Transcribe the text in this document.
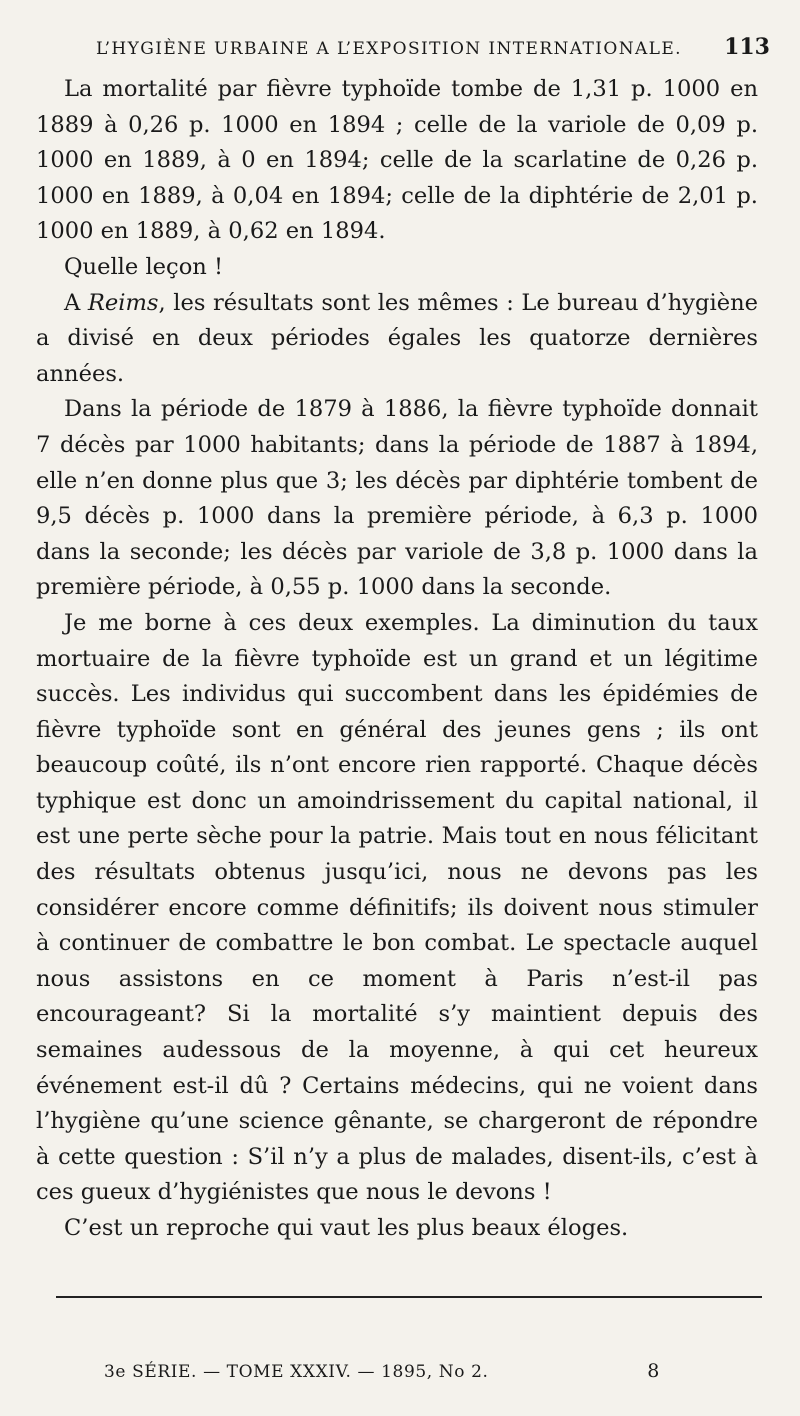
L’HYGIÈNE URBAINE A L’EXPOSITION INTERNATIONALE. 113

La mortalité par fièvre typhoïde tombe de 1,31 p. 1000 en 1889 à 0,26 p. 1000 en 1894 ; celle de la variole de 0,09 p. 1000 en 1889, à 0 en 1894; celle de la scarlatine de 0,26 p. 1000 en 1889, à 0,04 en 1894; celle de la diphtérie de 2,01 p. 1000 en 1889, à 0,62 en 1894.

Quelle leçon !

A Reims, les résultats sont les mêmes : Le bureau d’hygiène a divisé en deux périodes égales les quatorze dernières années.

Dans la période de 1879 à 1886, la fièvre typhoïde donnait 7 décès par 1000 habitants; dans la période de 1887 à 1894, elle n’en donne plus que 3; les décès par diphtérie tombent de 9,5 décès p. 1000 dans la première période, à 6,3 p. 1000 dans la seconde; les décès par variole de 3,8 p. 1000 dans la première période, à 0,55 p. 1000 dans la seconde.

Je me borne à ces deux exemples. La diminution du taux mortuaire de la fièvre typhoïde est un grand et un légitime succès. Les individus qui succombent dans les épidémies de fièvre typhoïde sont en général des jeunes gens ; ils ont beaucoup coûté, ils n’ont encore rien rapporté. Chaque décès typhique est donc un amoindrissement du capital national, il est une perte sèche pour la patrie. Mais tout en nous félicitant des résultats obtenus jusqu’ici, nous ne devons pas les considérer encore comme définitifs; ils doivent nous stimuler à continuer de combattre le bon combat. Le spectacle auquel nous assistons en ce moment à Paris n’est-il pas encourageant? Si la mortalité s’y maintient depuis des semaines audessous de la moyenne, à qui cet heureux événement est-il dû ? Certains médecins, qui ne voient dans l’hygiène qu’une science gênante, se chargeront de répondre à cette question : S’il n’y a plus de malades, disent-ils, c’est à ces gueux d’hygiénistes que nous le devons !

C’est un reproche qui vaut les plus beaux éloges.

3e SÉRIE. — TOME XXXIV. — 1895, No 2.	8
